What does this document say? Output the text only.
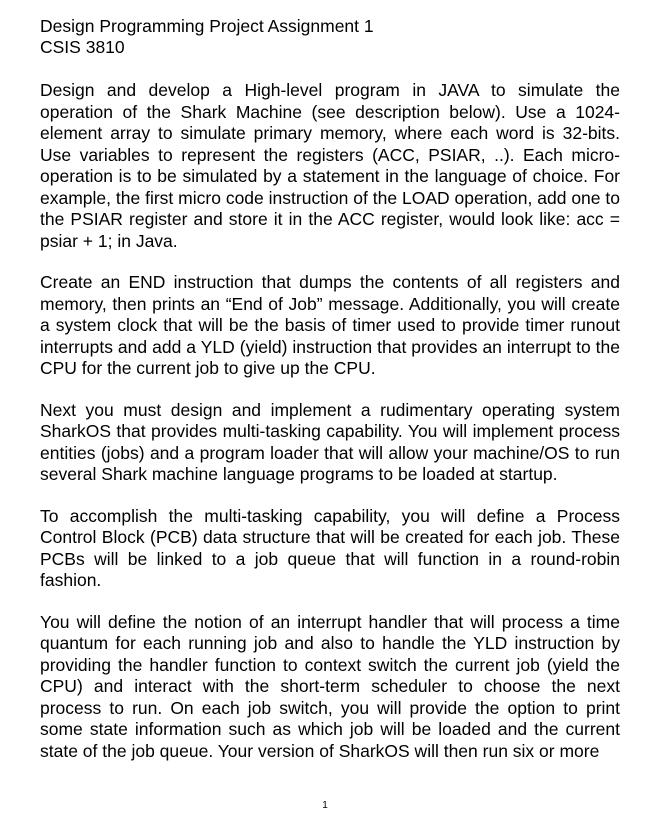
Design Programming Project Assignment 1

CSIS 3810

Design and develop a High-level program in JAVA to simulate the operation of the Shark Machine (see description below). Use a 1024-element array to simulate primary memory, where each word is 32-bits. Use variables to represent the registers (ACC, PSIAR, ..). Each micro-operation is to be simulated by a statement in the language of choice. For example, the first micro code instruction of the LOAD operation, add one to the PSIAR register and store it in the ACC register, would look like: acc = psiar + 1; in Java.

Create an END instruction that dumps the contents of all registers and memory, then prints an “End of Job” message. Additionally, you will create a system clock that will be the basis of timer used to provide timer runout interrupts and add a YLD (yield) instruction that provides an interrupt to the CPU for the current job to give up the CPU.

Next you must design and implement a rudimentary operating system SharkOS that provides multi-tasking capability. You will implement process entities (jobs) and a program loader that will allow your machine/OS to run several Shark machine language programs to be loaded at startup.

To accomplish the multi-tasking capability, you will define a Process Control Block (PCB) data structure that will be created for each job. These PCBs will be linked to a job queue that will function in a round-robin fashion.

You will define the notion of an interrupt handler that will process a time quantum for each running job and also to handle the YLD instruction by providing the handler function to context switch the current job (yield the CPU) and interact with the short-term scheduler to choose the next process to run. On each job switch, you will provide the option to print some state information such as which job will be loaded and the current state of the job queue. Your version of SharkOS will then run six or more

1
